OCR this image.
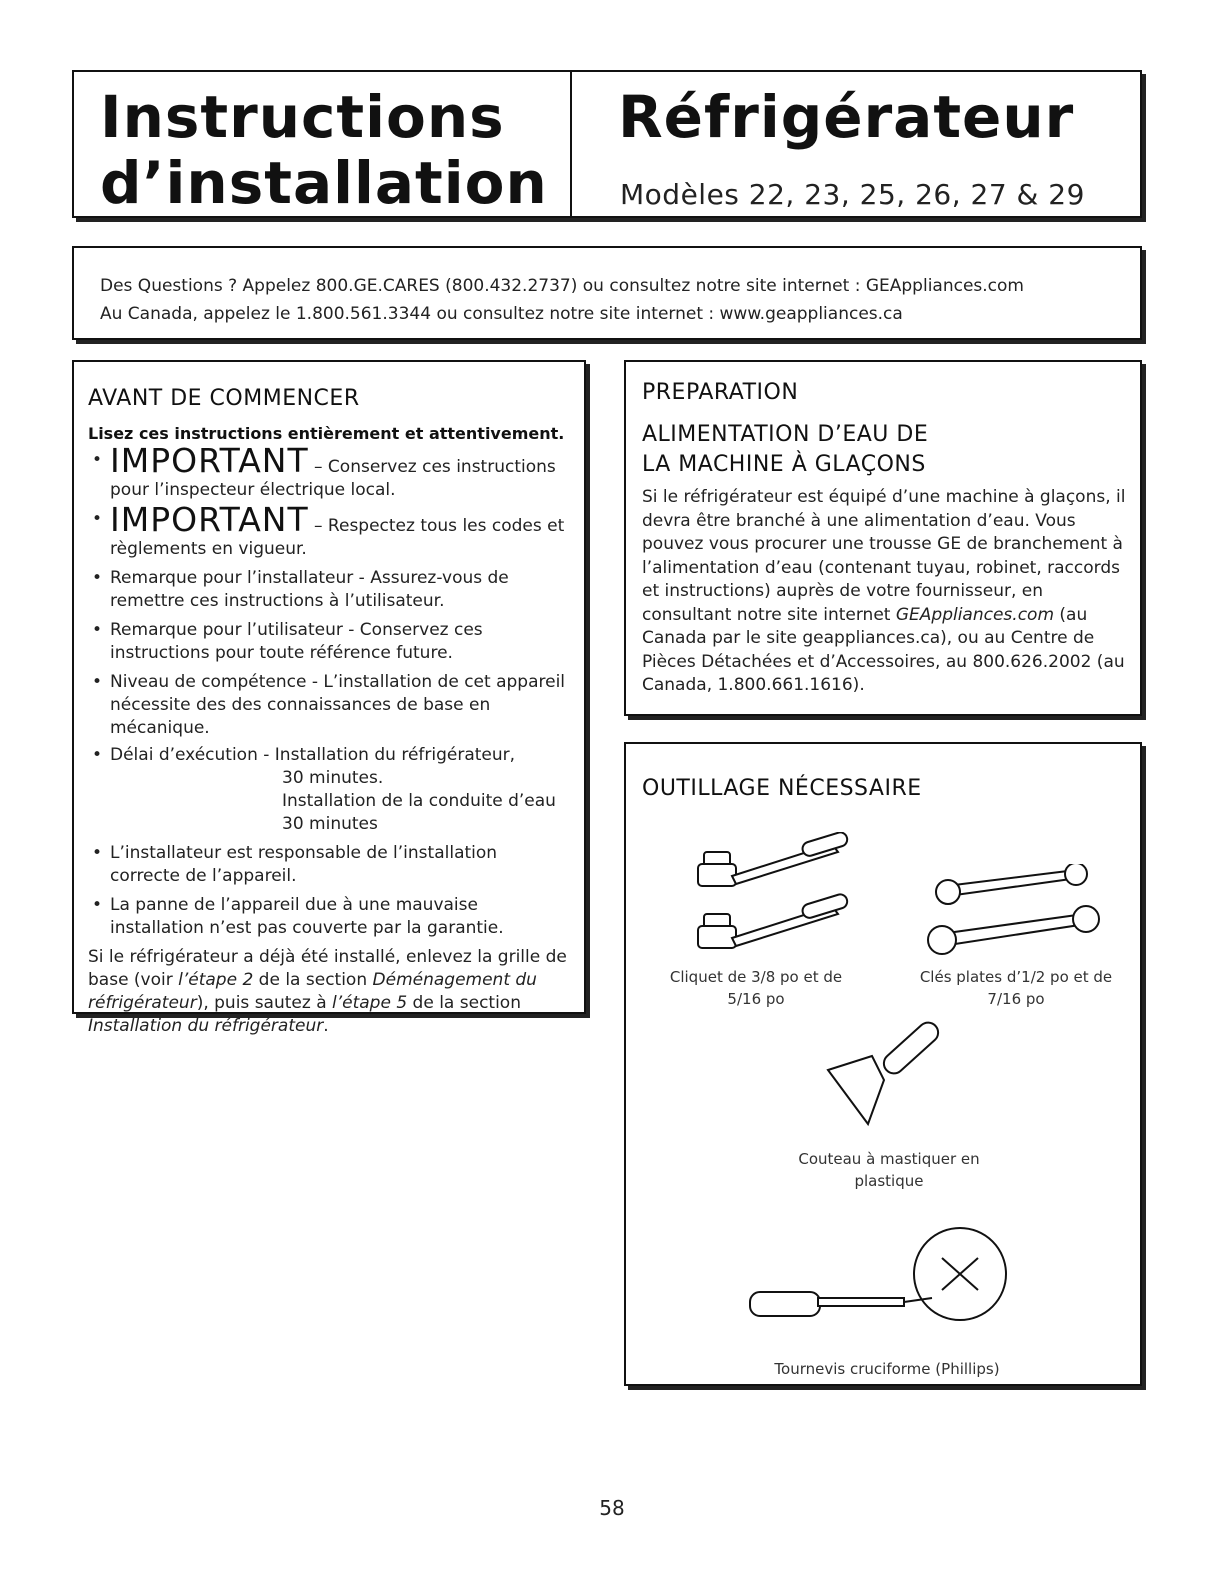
Instructions
d’installation
Réfrigérateur
Modèles 22, 23, 25, 26, 27 & 29

Des Questions ? Appelez 800.GE.CARES (800.432.2737) ou consultez notre site internet : GEAppliances.com

Au Canada, appelez le 1.800.561.3344 ou consultez notre site internet : www.geappliances.ca

AVANT DE COMMENCER
Lisez ces instructions entièrement et attentivement.
• IMPORTANT – Conservez ces instructions pour l’inspecteur électrique local.
• IMPORTANT – Respectez tous les codes et règlements en vigueur.
• Remarque pour l’installateur - Assurez-vous de remettre ces instructions à l’utilisateur.
• Remarque pour l’utilisateur - Conservez ces instructions pour toute référence future.
• Niveau de compétence - L’installation de cet appareil nécessite des des connaissances de base en mécanique.
• Délai d’exécution - Installation du réfrigérateur,
30 minutes.
Installation de la conduite d’eau
30 minutes
• L’installateur est responsable de l’installation correcte de l’appareil.
• La panne de l’appareil due à une mauvaise installation n’est pas couverte par la garantie.

Si le réfrigérateur a déjà été installé, enlevez la grille de base (voir l’étape 2 de la section Déménagement du réfrigérateur), puis sautez à l’étape 5 de la section Installation du réfrigérateur.

PREPARATION
ALIMENTATION D’EAU DE
LA MACHINE À GLAÇONS

Si le réfrigérateur est équipé d’une machine à glaçons, il devra être branché à une alimentation d’eau. Vous pouvez vous procurer une trousse GE de branchement à l’alimentation d’eau (contenant tuyau, robinet, raccords et instructions) auprès de votre fournisseur, en consultant notre site internet GEAppliances.com (au Canada par le site geappliances.ca), ou au Centre de Pièces Détachées et d’Accessoires, au 800.626.2002 (au Canada, 1.800.661.1616).

OUTILLAGE NÉCESSAIRE
Cliquet de 3/8 po et de 5/16 po
Clés plates d’1/2 po et de 7/16 po
Couteau à mastiquer en plastique
Tournevis cruciforme (Phillips)
58
